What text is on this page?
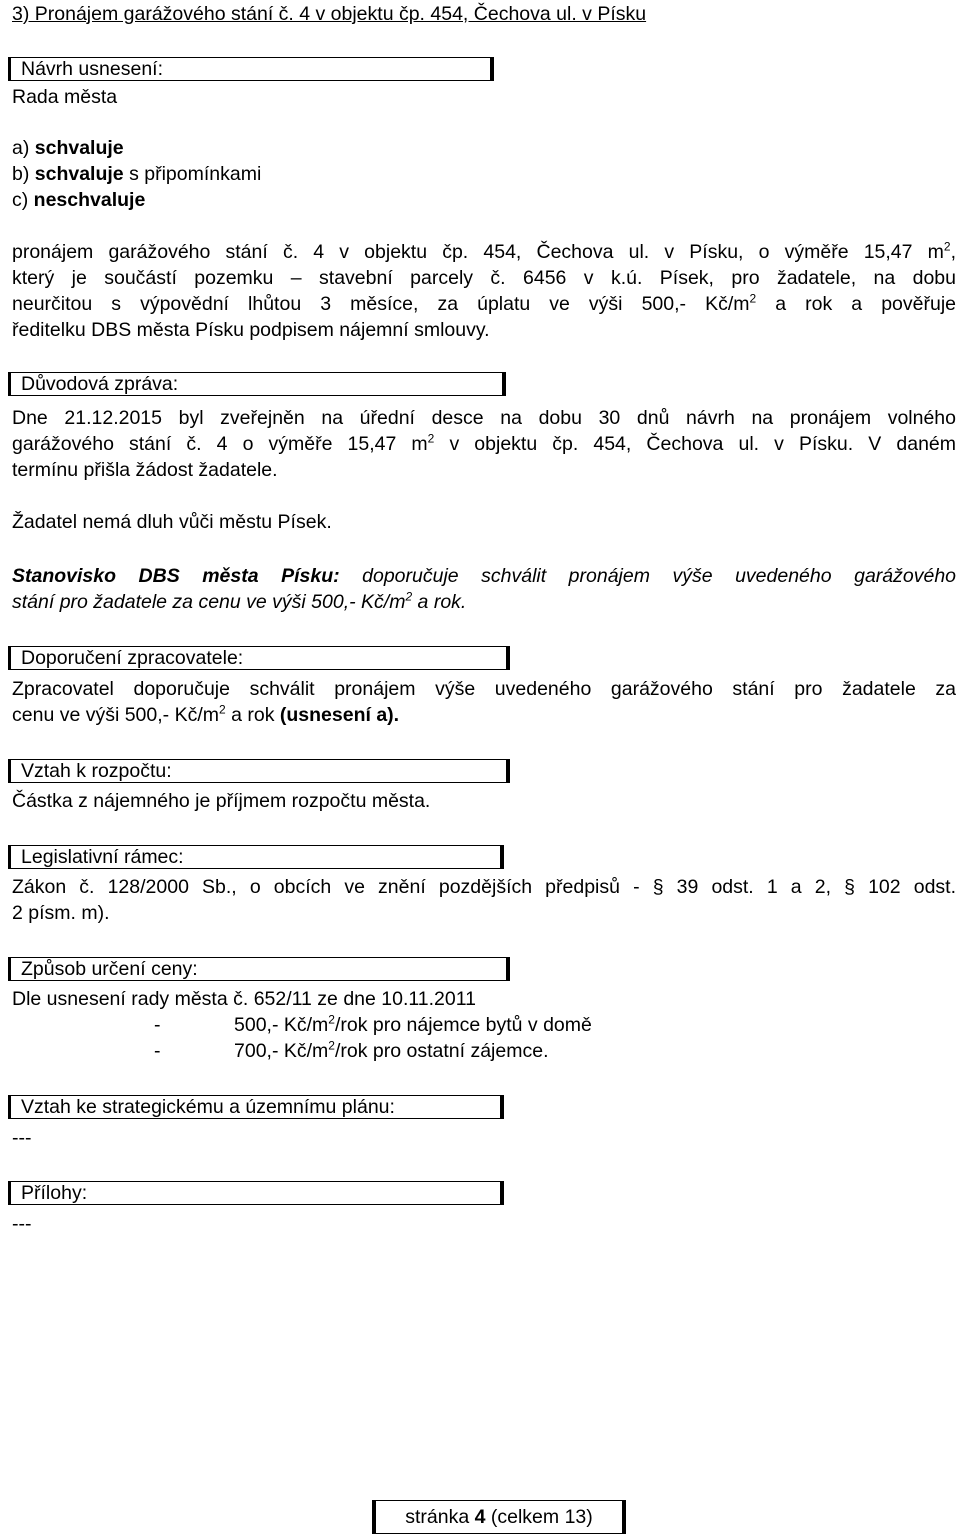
3) Pronájem garážového stání č. 4 v objektu čp. 454, Čechova ul. v Písku
Návrh usnesení:
Rada města
a) schvaluje
b) schvaluje s připomínkami
c) neschvaluje
pronájem garážového stání č. 4 v objektu čp. 454, Čechova ul. v Písku, o výměře 15,47 $m^2$,
který je součástí pozemku – stavební parcely č. 6456 v k.ú. Písek, pro žadatele, na dobu
neurčitou s výpovědní lhůtou 3 měsíce, za úplatu ve výši 500,- $Kč/m^2$ a rok a pověřuje
ředitelku DBS města Písku podpisem nájemní smlouvy.
Důvodová zpráva:
Dne 21.12.2015 byl zveřejněn na úřední desce na dobu 30 dnů návrh na pronájem volného
garážového stání č. 4 o výměře 15,47 $m^2$ v objektu čp. 454, Čechova ul. v Písku. V daném
termínu přišla žádost žadatele.
Žadatel nemá dluh vůči městu Písek.
Stanovisko DBS města Písku: doporučuje schválit pronájem výše uvedeného garážového
stání pro žadatele za cenu ve výši 500,- $Kč/m^2$ a rok.
Doporučení zpracovatele:
Zpracovatel doporučuje schválit pronájem výše uvedeného garážového stání pro žadatele za
cenu ve výši 500,- $Kč/m^2$ a rok (usnesení a).
Vztah k rozpočtu:
Částka z nájemného je příjmem rozpočtu města.
Legislativní rámec:
Zákon č. 128/2000 Sb., o obcích ve znění pozdějších předpisů - § 39 odst. 1 a 2, § 102 odst.
2 písm. m).
Způsob určení ceny:
Dle usnesení rady města č. 652/11 ze dne 10.11.2011
-	500,- $Kč/m^2$/rok pro nájemce bytů v domě
-	700,- $Kč/m^2$/rok pro ostatní zájemce.
Vztah ke strategickému a územnímu plánu:
---
Přílohy:
---
stránka 4 (celkem 13)
